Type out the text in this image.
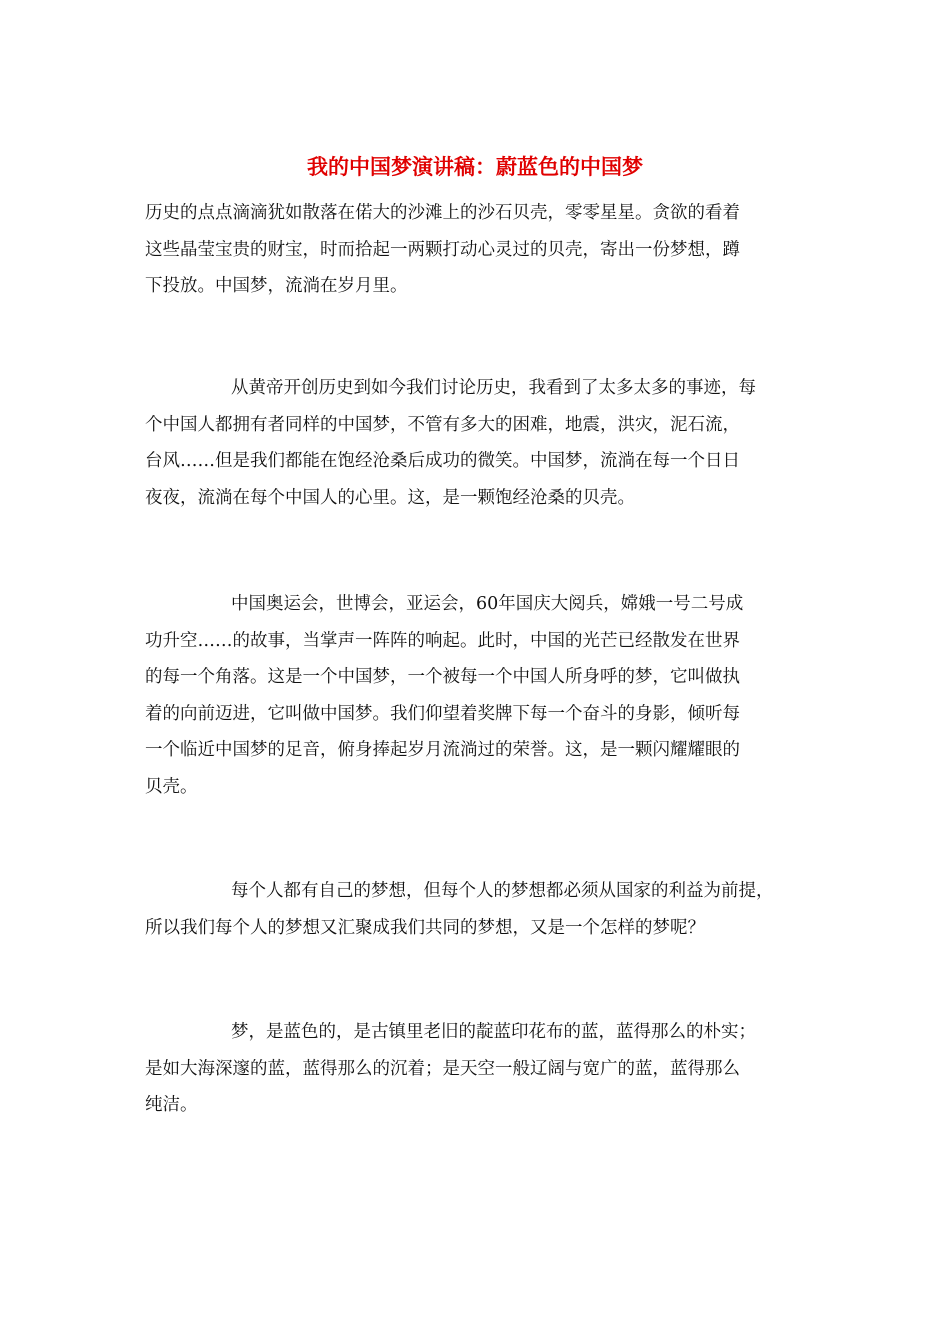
我的中国梦演讲稿：蔚蓝色的中国梦

历史的点点滴滴犹如散落在偌大的沙滩上的沙石贝壳，零零星星。贪欲的看着
这些晶莹宝贵的财宝，时而拾起一两颗打动心灵过的贝壳，寄出一份梦想，蹲
下投放。中国梦，流淌在岁月里。

从黄帝开创历史到如今我们讨论历史，我看到了太多太多的事迹，每
个中国人都拥有者同样的中国梦，不管有多大的困难，地震，洪灾，泥石流，
台风……但是我们都能在饱经沧桑后成功的微笑。中国梦，流淌在每一个日日
夜夜，流淌在每个中国人的心里。这，是一颗饱经沧桑的贝壳。

中国奥运会，世博会，亚运会，60年国庆大阅兵，嫦娥一号二号成
功升空……的故事，当掌声一阵阵的响起。此时，中国的光芒已经散发在世界
的每一个角落。这是一个中国梦，一个被每一个中国人所身呼的梦，它叫做执
着的向前迈进，它叫做中国梦。我们仰望着奖牌下每一个奋斗的身影，倾听每
一个临近中国梦的足音，俯身捧起岁月流淌过的荣誉。这，是一颗闪耀耀眼的
贝壳。

每个人都有自己的梦想，但每个人的梦想都必须从国家的利益为前提，
所以我们每个人的梦想又汇聚成我们共同的梦想，又是一个怎样的梦呢？

梦，是蓝色的，是古镇里老旧的靛蓝印花布的蓝，蓝得那么的朴实；
是如大海深邃的蓝，蓝得那么的沉着；是天空一般辽阔与宽广的蓝，蓝得那么
纯洁。
